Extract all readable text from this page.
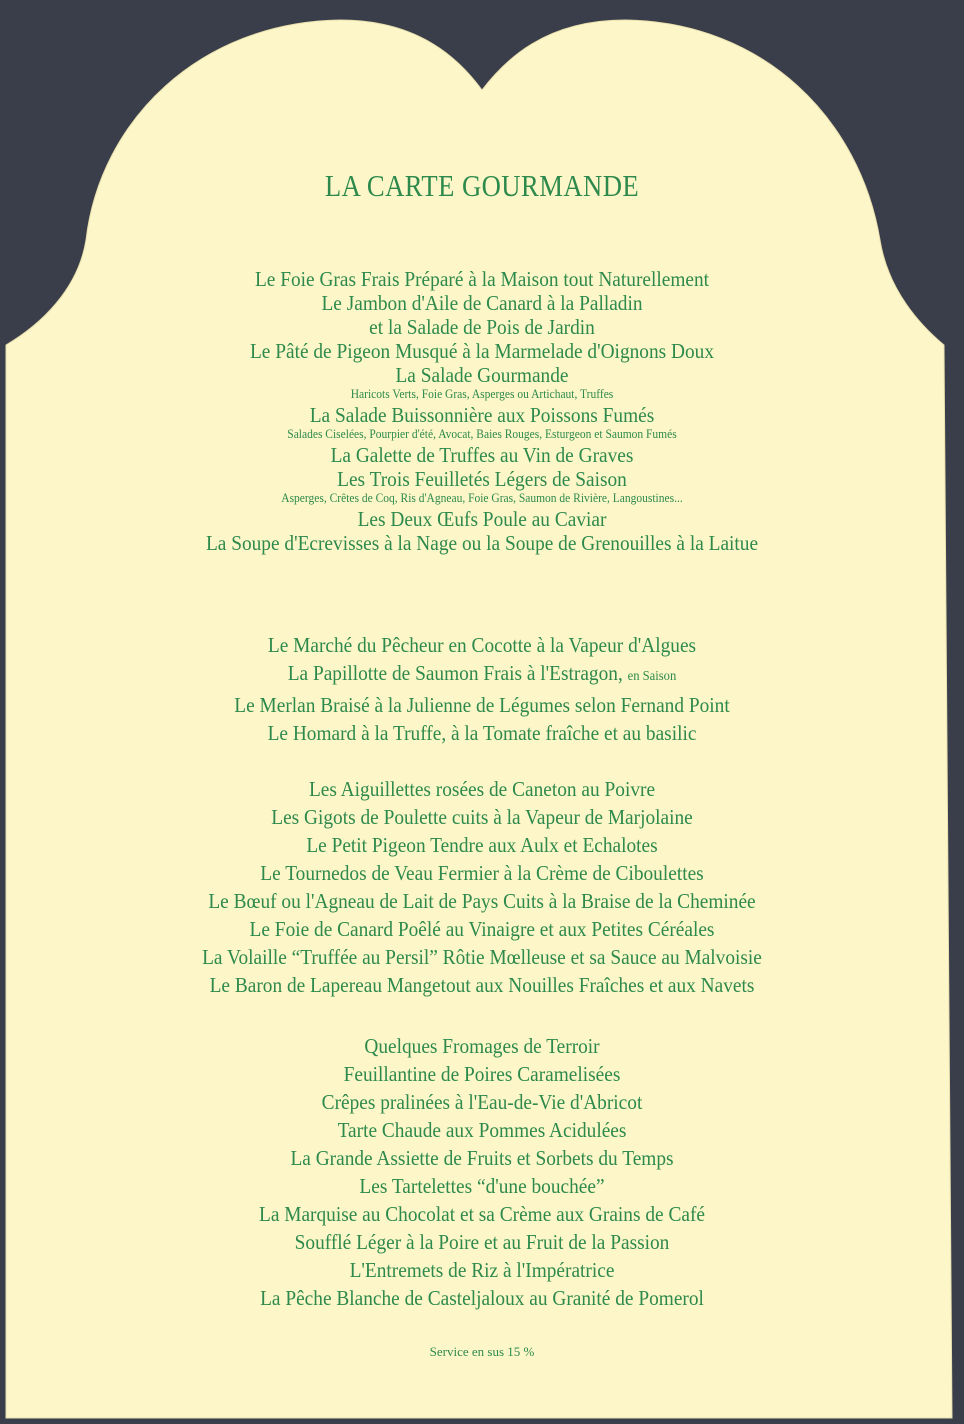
LA CARTE GOURMANDE
Le Foie Gras Frais Préparé à la Maison tout Naturellement
Le Jambon d'Aile de Canard à la Palladin
et la Salade de Pois de Jardin
Le Pâté de Pigeon Musqué à la Marmelade d'Oignons Doux
La Salade Gourmande
Haricots Verts, Foie Gras, Asperges ou Artichaut, Truffes
La Salade Buissonnière aux Poissons Fumés
Salades Ciselées, Pourpier d'été, Avocat, Baies Rouges, Esturgeon et Saumon Fumés
La Galette de Truffes au Vin de Graves
Les Trois Feuilletés Légers de Saison
Asperges, Crêtes de Coq, Ris d'Agneau, Foie Gras, Saumon de Rivière, Langoustines...
Les Deux Œufs Poule au Caviar
La Soupe d'Ecrevisses à la Nage ou la Soupe de Grenouilles à la Laitue
Le Marché du Pêcheur en Cocotte à la Vapeur d'Algues
La Papillotte de Saumon Frais à l'Estragon, en Saison
Le Merlan Braisé à la Julienne de Légumes selon Fernand Point
Le Homard à la Truffe, à la Tomate fraîche et au basilic
Les Aiguillettes rosées de Caneton au Poivre
Les Gigots de Poulette cuits à la Vapeur de Marjolaine
Le Petit Pigeon Tendre aux Aulx et Echalotes
Le Tournedos de Veau Fermier à la Crème de Ciboulettes
Le Bœuf ou l'Agneau de Lait de Pays Cuits à la Braise de la Cheminée
Le Foie de Canard Poêlé au Vinaigre et aux Petites Céréales
La Volaille “Truffée au Persil” Rôtie Mœlleuse et sa Sauce au Malvoisie
Le Baron de Lapereau Mangetout aux Nouilles Fraîches et aux Navets
Quelques Fromages de Terroir
Feuillantine de Poires Caramelisées
Crêpes pralinées à l'Eau-de-Vie d'Abricot
Tarte Chaude aux Pommes Acidulées
La Grande Assiette de Fruits et Sorbets du Temps
Les Tartelettes “d'une bouchée”
La Marquise au Chocolat et sa Crème aux Grains de Café
Soufflé Léger à la Poire et au Fruit de la Passion
L'Entremets de Riz à l'Impératrice
La Pêche Blanche de Casteljaloux au Granité de Pomerol
Service en sus 15 %
